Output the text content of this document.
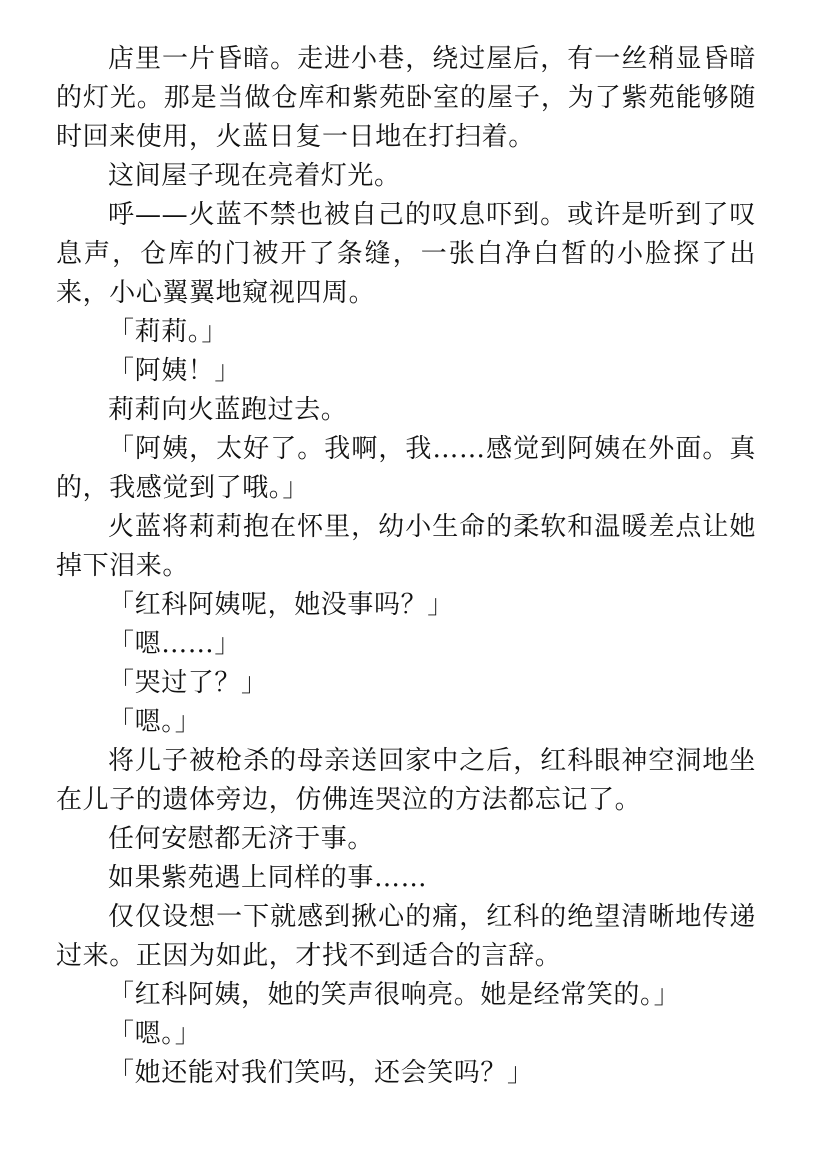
店里一片昏暗。走进小巷，绕过屋后，有一丝稍显昏暗的灯光。那是当做仓库和紫苑卧室的屋子，为了紫苑能够随时回来使用，火蓝日复一日地在打扫着。

这间屋子现在亮着灯光。

呼——火蓝不禁也被自己的叹息吓到。或许是听到了叹息声，仓库的门被开了条缝，一张白净白皙的小脸探了出来，小心翼翼地窥视四周。

「莉莉。」

「阿姨！」

莉莉向火蓝跑过去。

「阿姨，太好了。我啊，我……感觉到阿姨在外面。真的，我感觉到了哦。」

火蓝将莉莉抱在怀里，幼小生命的柔软和温暖差点让她掉下泪来。

「红科阿姨呢，她没事吗？」

「嗯……」

「哭过了？」

「嗯。」

将儿子被枪杀的母亲送回家中之后，红科眼神空洞地坐在儿子的遗体旁边，仿佛连哭泣的方法都忘记了。

任何安慰都无济于事。

如果紫苑遇上同样的事……

仅仅设想一下就感到揪心的痛，红科的绝望清晰地传递过来。正因为如此，才找不到适合的言辞。

「红科阿姨，她的笑声很响亮。她是经常笑的。」

「嗯。」

「她还能对我们笑吗，还会笑吗？」
